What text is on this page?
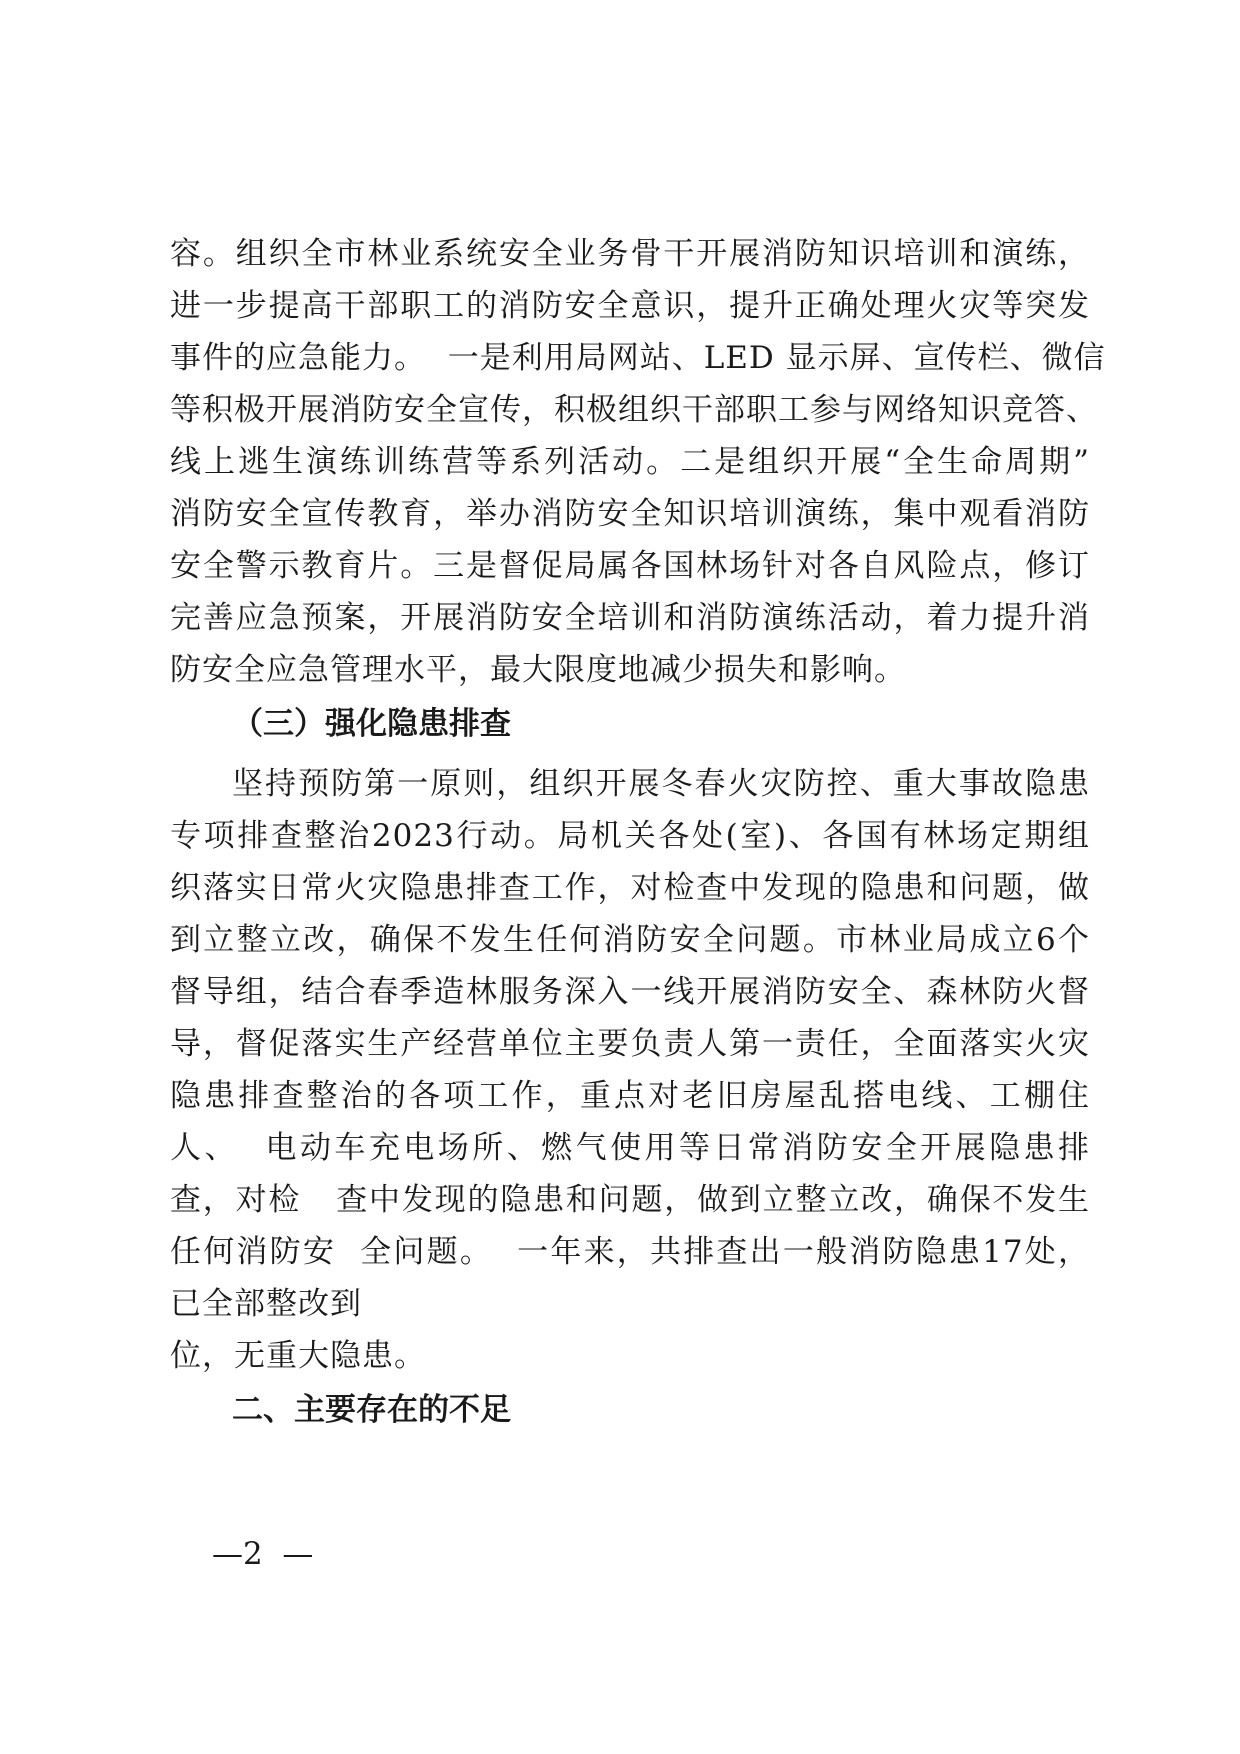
容。组织全市林业系统安全业务骨干开展消防知识培训和演练，
进一步提高干部职工的消防安全意识，提升正确处理火灾等突发
事件的应急能力。  一是利用局网站、LED 显示屏、宣传栏、微信
等积极开展消防安全宣传，积极组织干部职工参与网络知识竞答、
线上逃生演练训练营等系列活动。二是组织开展“全生命周期”
消防安全宣传教育，举办消防安全知识培训演练，集中观看消防
安全警示教育片。三是督促局属各国林场针对各自风险点，修订
完善应急预案，开展消防安全培训和消防演练活动，着力提升消
防安全应急管理水平，最大限度地减少损失和影响。
（三）强化隐患排查
坚持预防第一原则，组织开展冬春火灾防控、重大事故隐患
专项排查整治2023行动。局机关各处(室)、各国有林场定期组
织落实日常火灾隐患排查工作，对检查中发现的隐患和问题，做
到立整立改，确保不发生任何消防安全问题。市林业局成立6个
督导组，结合春季造林服务深入一线开展消防安全、森林防火督
导，督促落实生产经营单位主要负责人第一责任，全面落实火灾
隐患排查整治的各项工作，重点对老旧房屋乱搭电线、工棚住
人、  电动车充电场所、燃气使用等日常消防安全开展隐患排
查，对检   查中发现的隐患和问题，做到立整立改，确保不发生
任何消防安  全问题。  一年来，共排查出一般消防隐患17处，
已全部整改到
位，无重大隐患。
二、主要存在的不足
—2  —
